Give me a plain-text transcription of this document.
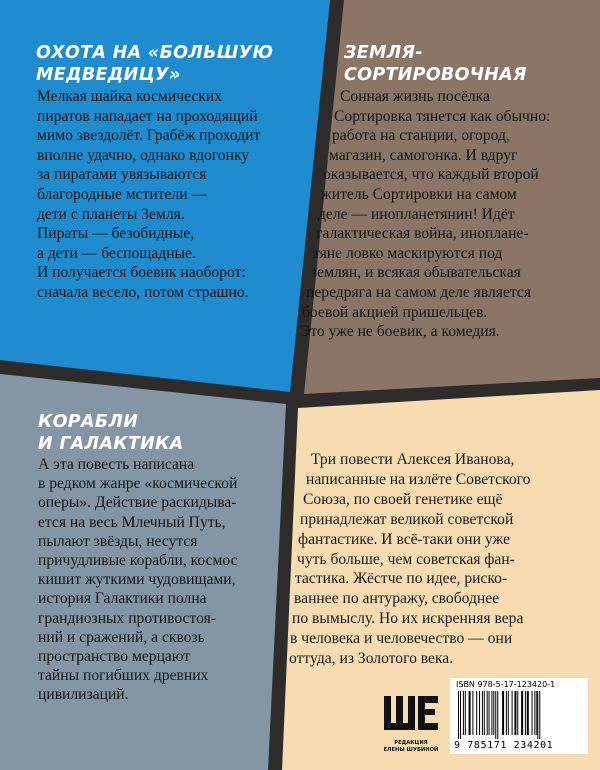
ОХОТА НА «БОЛЬШУЮ

МЕДВЕДИЦУ»

Мелкая шайка космических

пиратов нападает на проходящий

мимо звездолёт. Грабёж проходит

вполне удачно, однако вдогонку

за пиратами увязываются

благородные мстители —

дети с планеты Земля.

Пираты — безобидные,

а дети — беспощадные.

И получается боевик наоборот:

сначала весело, потом страшно.

ЗЕМЛЯ-

СОРТИРОВОЧНАЯ

Сонная жизнь посёлка

Сортировка тянется как обычно:

работа на станции, огород,

магазин, самогонка. И вдруг

оказывается, что каждый второй

житель Сортировки на самом

деле — инопланетянин! Идёт

галактическая война, инопланe-

тяне ловко маскируются под

землян, и всякая обывательская

передряга на самом деле является

боевой акцией пришельцев.

Это уже не боевик, а комедия.

КОРАБЛИ

И ГАЛАКТИКА

А эта повесть написана

в редком жанре «космической

оперы». Действие раскидыва-

ется на весь Млечный Путь,

пылают звёзды, несутся

причудливые корабли, космос

кишит жуткими чудовищами,

история Галактики полна

грандиозных противостоя-

ний и сражений, а сквозь

пространство мерцают

тайны погибших древних

цивилизаций.

Три повести Алексея Иванова,

написанные на излёте Советского

Союза, по своей генетике ещё

принадлежат великой советской

фантастике. И всё-таки они уже

чуть больше, чем советская фан-

тастика. Жёстче по идее, риско-

ваннее по антуражу, свободнее

по вымыслу. Но их искренняя вера

в человека и человечество — они

оттуда, из Золотого века.

РЕДАКЦИЯ

ЕЛЕНЫ ШУБИНОЙ

ISBN 978-5-17-123420-1

9 785171 234201
